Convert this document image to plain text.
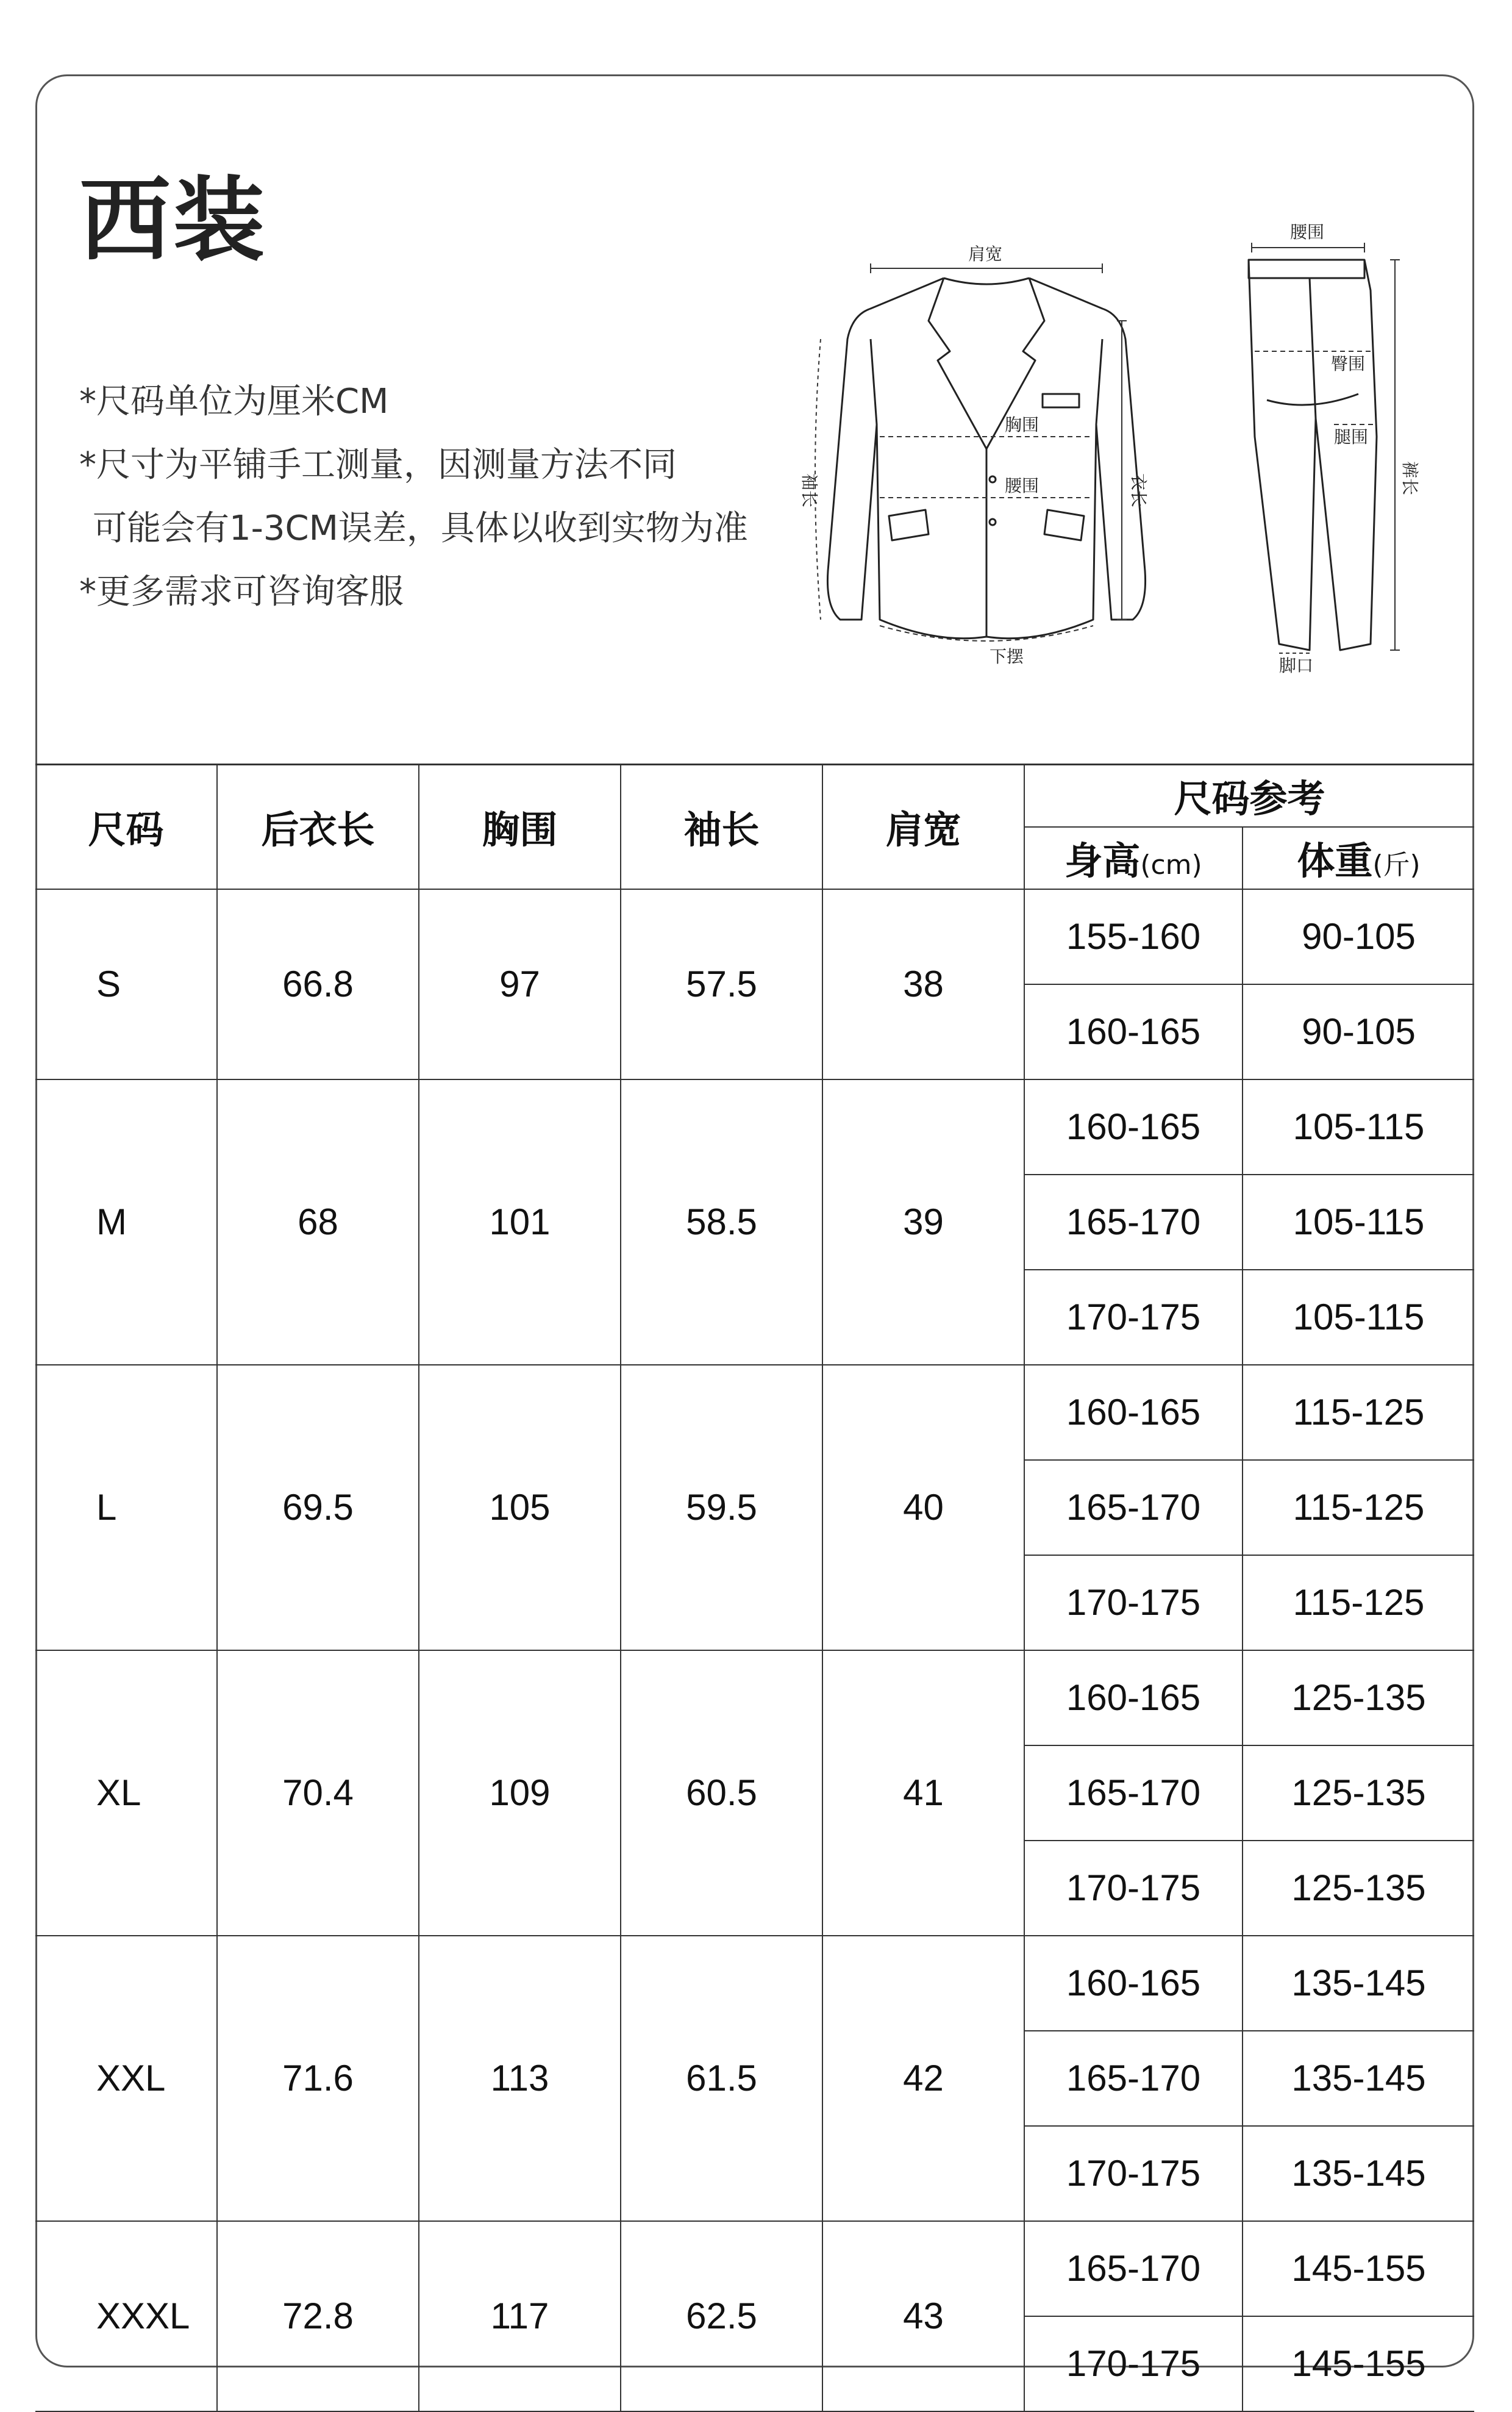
西装
*尺码单位为厘米CM
*尺寸为平铺手工测量，因测量方法不同
可能会有1-3CM误差，具体以收到实物为准
*更多需求可咨询客服
肩宽
胸围
腰围	衣长
袖长
下摆
腰围
臀围
腿围
裤长
脚口
尺码	后衣长	胸围	袖长	肩宽	尺码参考	
					身高(cm)	体重(斤)
S	66.8	97	57.5	38	155-160	90-105
					160-165	90-105
M	68	101	58.5	39	160-165	105-115
					165-170	105-115
					170-175	105-115
L	69.5	105	59.5	40	160-165	115-125
					165-170	115-125
					170-175	115-125
XL	70.4	109	60.5	41	160-165	125-135
					165-170	125-135
					170-175	125-135
XXL	71.6	113	61.5	42	160-165	135-145
					165-170	135-145
					170-175	135-145
XXXL	72.8	117	62.5	43	165-170	145-155
					170-175	145-155
